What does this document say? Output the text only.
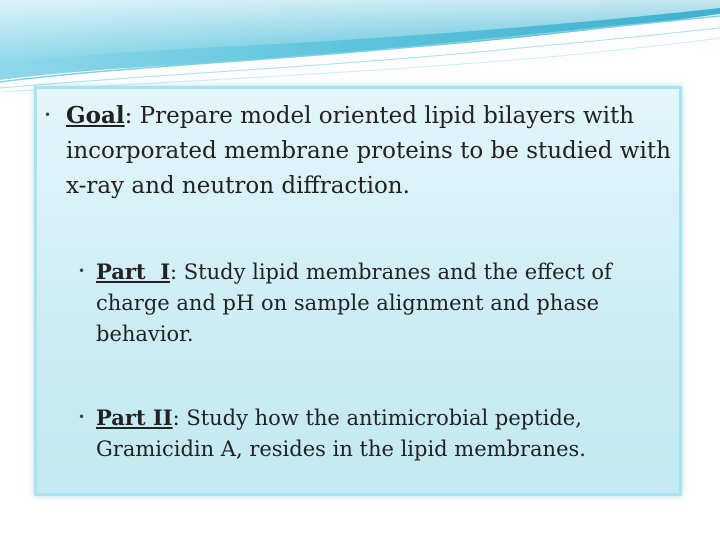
• Goal: Prepare model oriented lipid bilayers with incorporated membrane proteins to be studied with x-ray and neutron diffraction.

• Part  I: Study lipid membranes and the effect of charge and pH on sample alignment and phase behavior.

• Part II: Study how the antimicrobial peptide, Gramicidin A, resides in the lipid membranes.
